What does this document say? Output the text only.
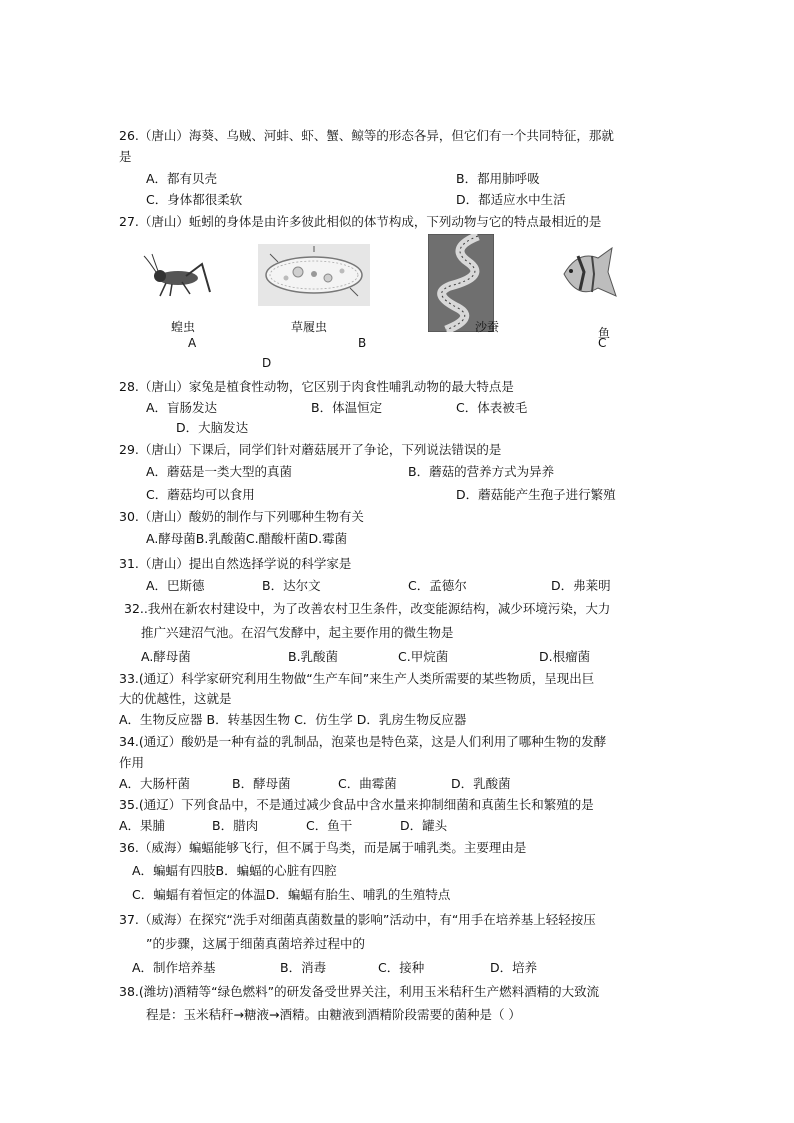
26.（唐山）海葵、乌贼、河蚌、虾、蟹、鲸等的形态各异，但它们有一个共同特征，那就
是
A．都有贝壳	B．都用肺呼吸
C．身体都很柔软	D．都适应水中生活
27.（唐山）蚯蚓的身体是由许多彼此相似的体节构成，下列动物与它的特点最相近的是
蝗虫
A
草履虫
B
沙蚕
D
鱼
C
28.（唐山）家兔是植食性动物，它区别于肉食性哺乳动物的最大特点是
A．盲肠发达	B．体温恒定	C．体表被毛
D．大脑发达
29.（唐山）下课后，同学们针对蘑菇展开了争论，下列说法错误的是
A．蘑菇是一类大型的真菌	B．蘑菇的营养方式为异养
C．蘑菇均可以食用	D．蘑菇能产生孢子进行繁殖
30.（唐山）酸奶的制作与下列哪种生物有关
A.酵母菌B.乳酸菌C.醋酸杆菌D.霉菌
31.（唐山）提出自然选择学说的科学家是
A．巴斯德	B．达尔文	C．孟德尔	D．弗莱明
32..我州在新农村建设中，为了改善农村卫生条件，改变能源结构，减少环境污染，大力
推广兴建沼气池。在沼气发酵中，起主要作用的微生物是
A.酵母菌	B.乳酸菌	C.甲烷菌	D.根瘤菌
33.(通辽）科学家研究利用生物做“生产车间”来生产人类所需要的某些物质，呈现出巨
大的优越性，这就是
A．生物反应器 B．转基因生物 C．仿生学 D．乳房生物反应器
34.(通辽）酸奶是一种有益的乳制品，泡菜也是特色菜，这是人们利用了哪种生物的发酵
作用
A．大肠杆菌	B．酵母菌	C．曲霉菌	D．乳酸菌
35.(通辽）下列食品中，不是通过减少食品中含水量来抑制细菌和真菌生长和繁殖的是
A．果脯	B．腊肉	C．鱼干	D．罐头
36.（威海）蝙蝠能够飞行，但不属于鸟类，而是属于哺乳类。主要理由是
A．蝙蝠有四肢B．蝙蝠的心脏有四腔
C．蝙蝠有着恒定的体温D．蝙蝠有胎生、哺乳的生殖特点
37.（威海）在探究“洗手对细菌真菌数量的影响”活动中，有“用手在培养基上轻轻按压
”的步骤，这属于细菌真菌培养过程中的
A．制作培养基	B．消毒	C．接种	D．培养
38.(潍坊)酒精等“绿色燃料”的研发备受世界关注，利用玉米秸秆生产燃料酒精的大致流
程是：玉米秸秆→糖液→酒精。由糖液到酒精阶段需要的菌种是（ ）
